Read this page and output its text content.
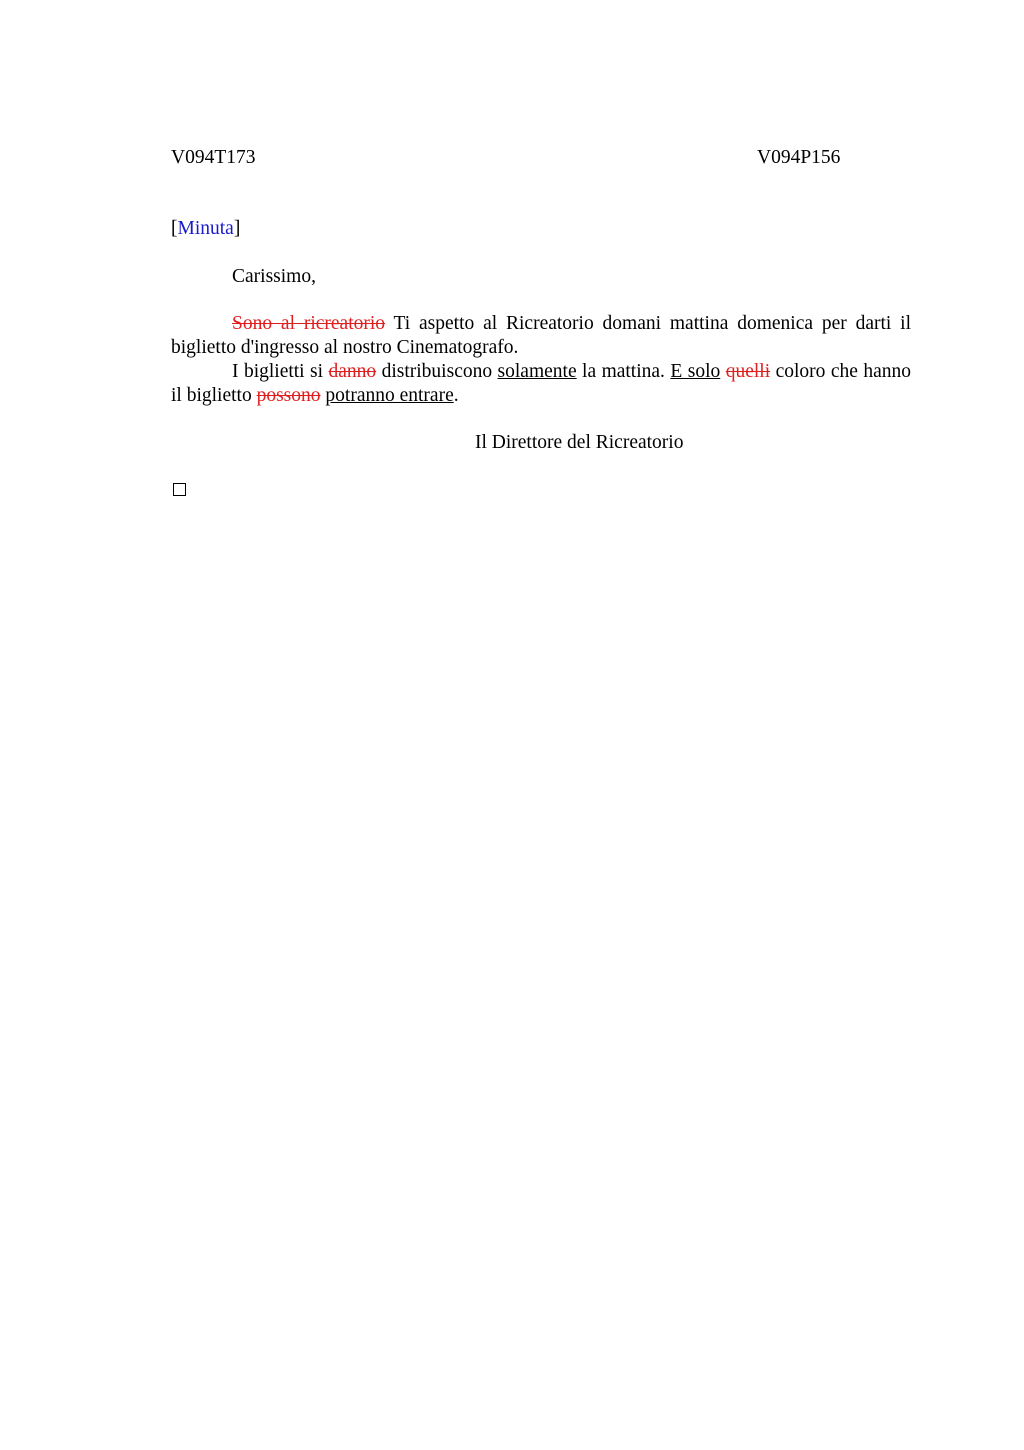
V094T173	V094P156
[Minuta]
Carissimo,

Sono al ricreatorio Ti aspetto al Ricreatorio domani mattina domenica per darti il biglietto d'ingresso al nostro Cinematografo.

I biglietti si danno distribuiscono solamente la mattina. E solo quelli coloro che hanno il biglietto possono potranno entrare.

Il Direttore del Ricreatorio
